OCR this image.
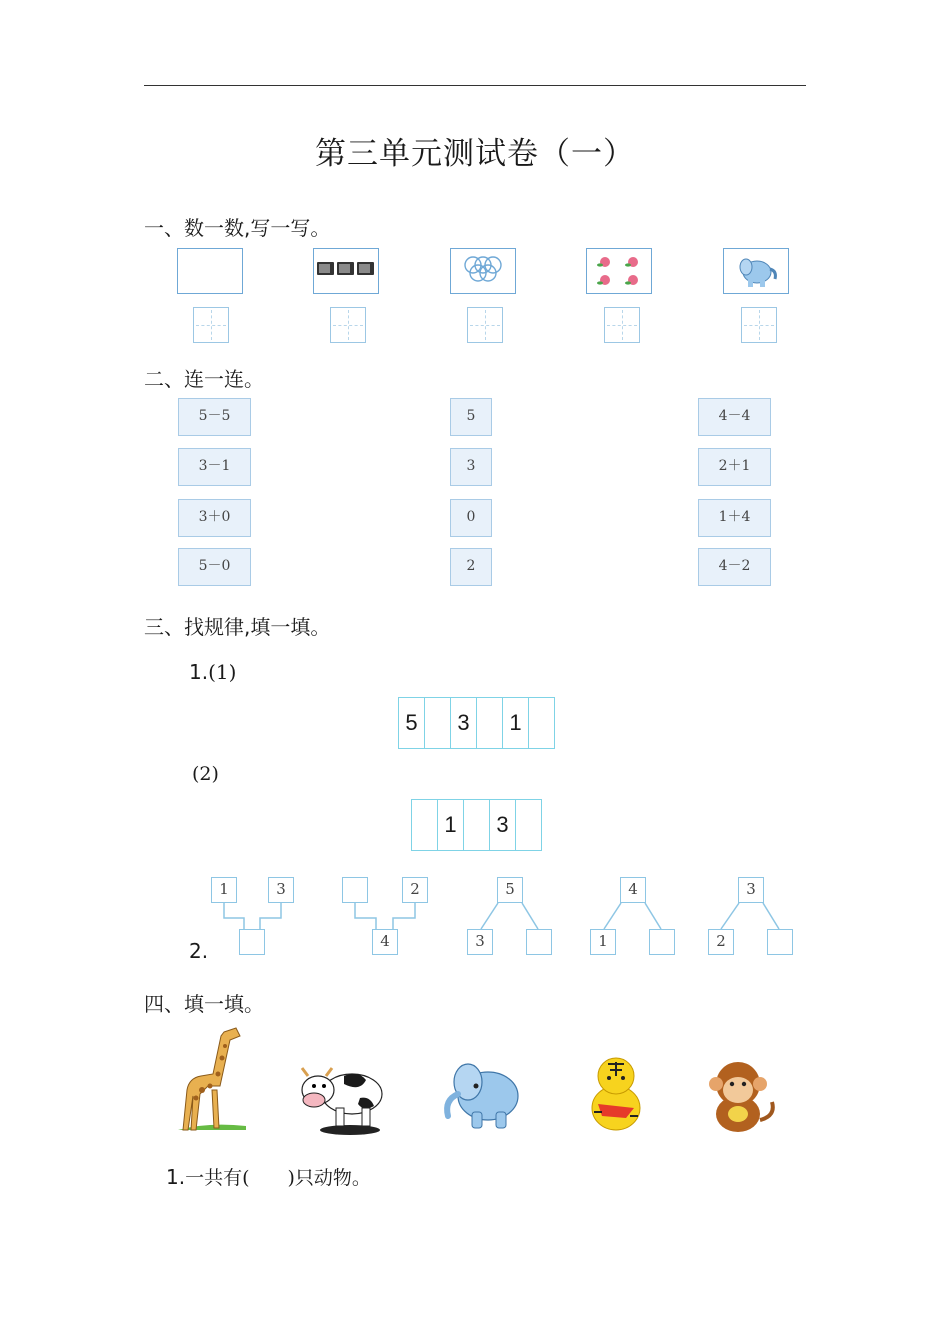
第三单元测试卷（一）
一、数一数,写一写。
二、连一连。
5－5
3－1
3＋0
5－0
5
3
0
2
4－4
2＋1
1＋4
4－2
三、找规律,填一填。
1.(1)
5	3	1
(2)
1	3
1	3	2
4
5
3
4
1
3
2
2.
四、填一填。
1.一共有(　　)只动物。
